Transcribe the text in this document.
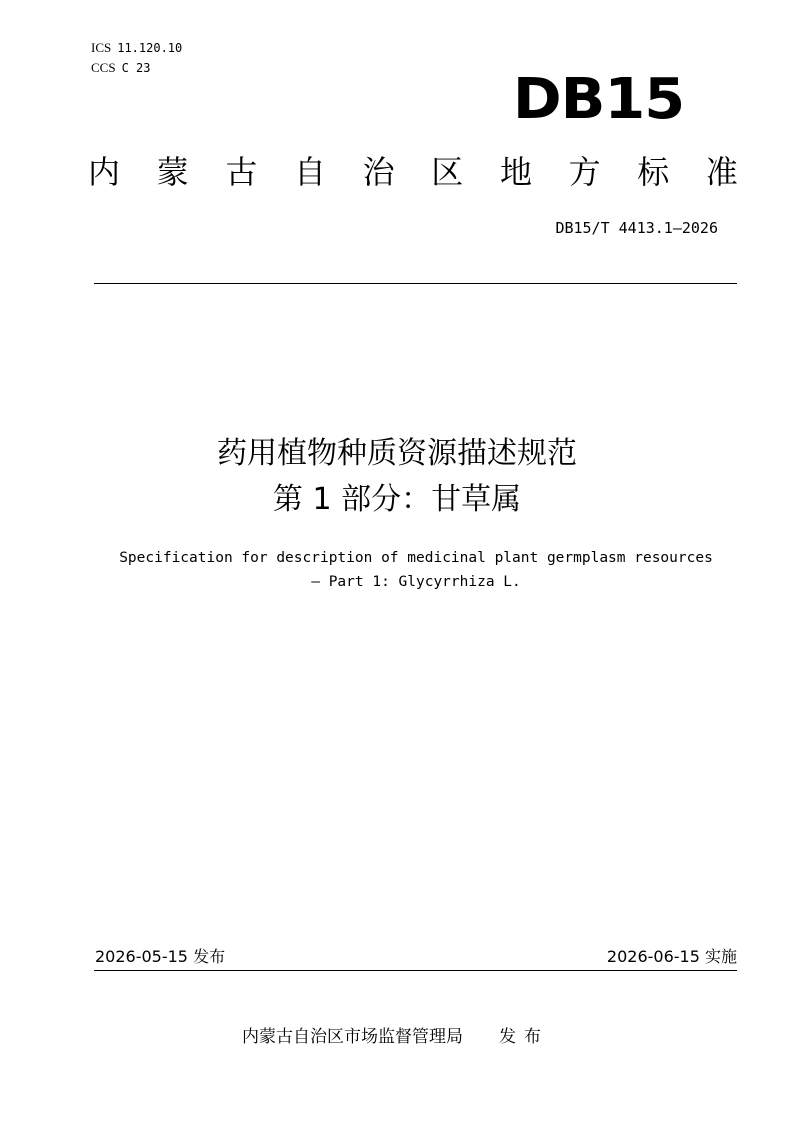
ICS 11.120.10
CCS C 23	DB15
内 蒙 古 自 治 区 地 方 标 准
DB15/T 4413.1—2026
药用植物种质资源描述规范
第 1 部分：甘草属
Specification for description of medicinal plant germplasm resources
– Part 1: Glycyrrhiza L.
2026-05-15 发布	2026-06-15 实施
内蒙古自治区市场监督管理局 发布
